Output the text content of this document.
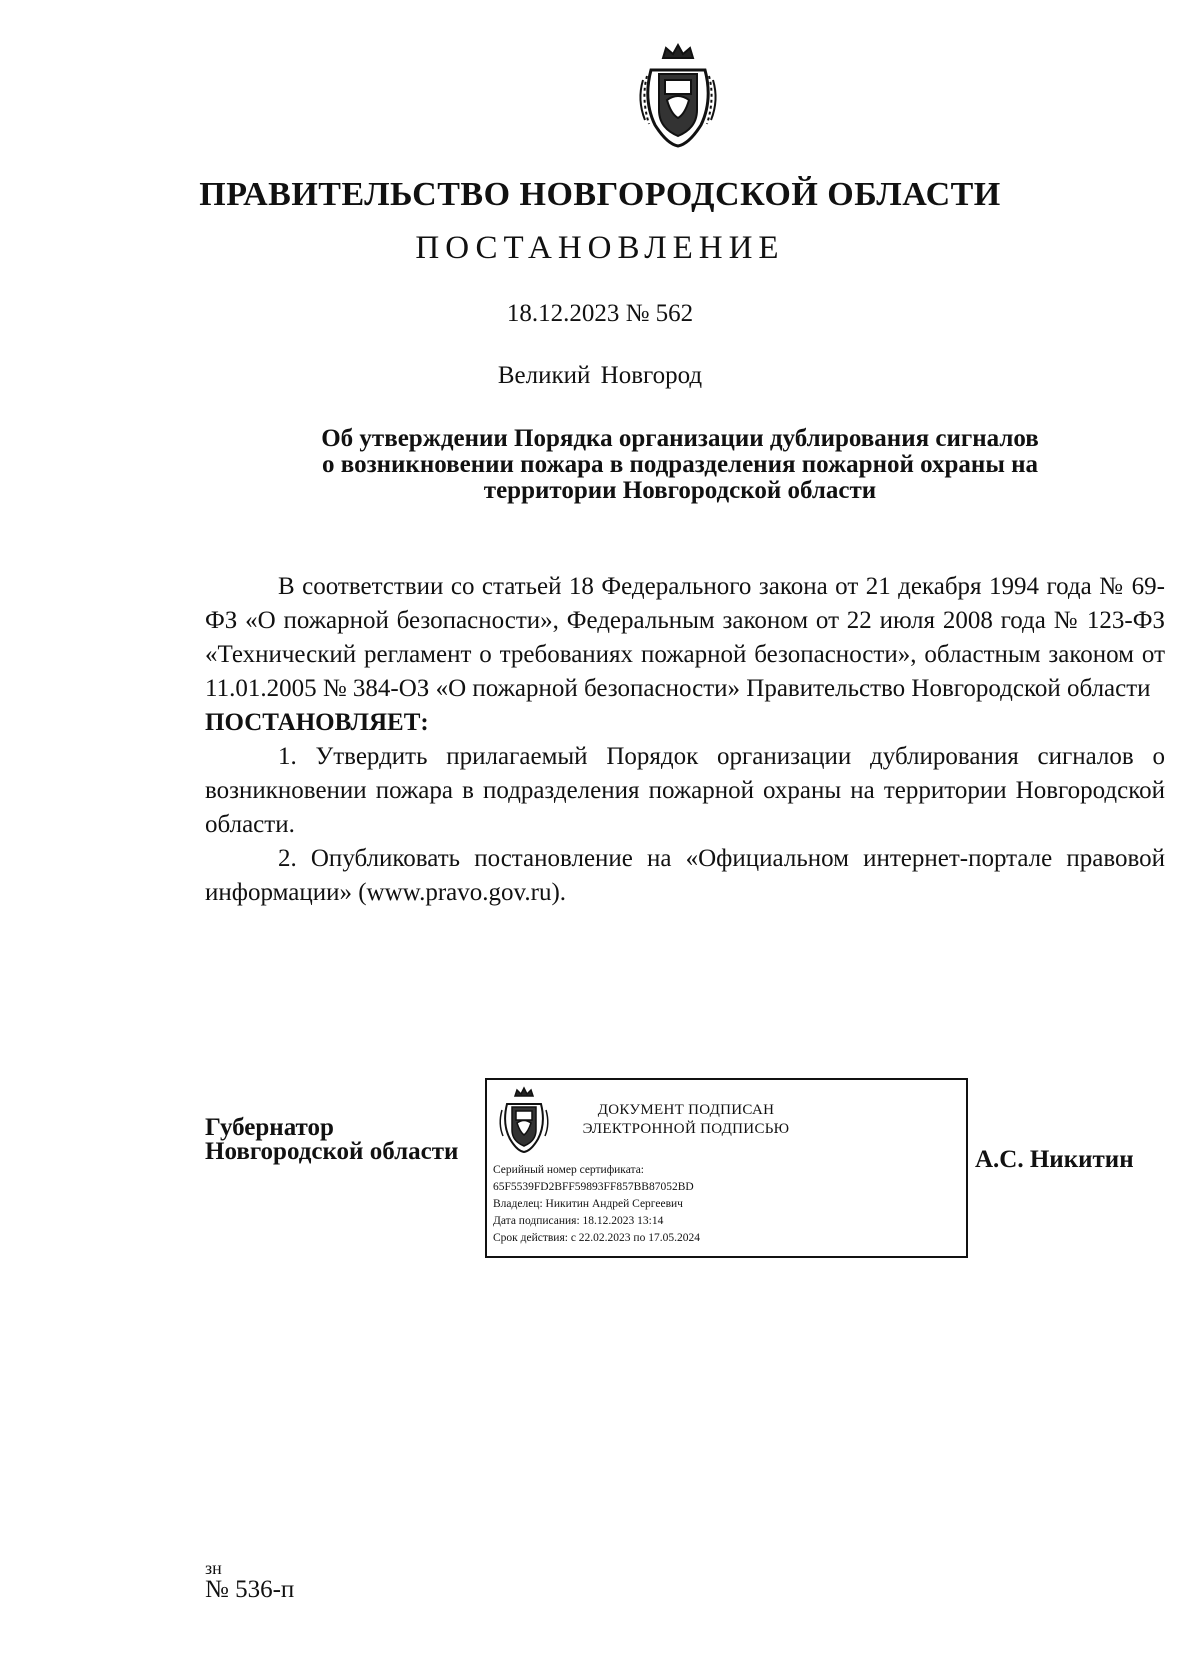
ПРАВИТЕЛЬСТВО НОВГОРОДСКОЙ ОБЛАСТИ
ПОСТАНОВЛЕНИЕ
18.12.2023 № 562
Великий Новгород
Об утверждении Порядка организации дублирования сигналов
о возникновении пожара в подразделения пожарной охраны на
территории Новгородской области

В соответствии со статьей 18 Федерального закона от 21 декабря 1994 года № 69-ФЗ «О пожарной безопасности», Федеральным законом от 22 июля 2008 года № 123-ФЗ «Технический регламент о требованиях пожарной безопасности», областным законом от 11.01.2005 № 384-ОЗ «О пожарной безопасности» Правительство Новгородской области

ПОСТАНОВЛЯЕТ:

1. Утвердить прилагаемый Порядок организации дублирования сигналов о возникновении пожара в подразделения пожарной охраны на территории Новгородской области.

2. Опубликовать постановление на «Официальном интернет-портале правовой информации» (www.pravo.gov.ru).

Губернатор
Новгородской области
ДОКУМЕНТ ПОДПИСАН
ЭЛЕКТРОННОЙ ПОДПИСЬЮ
Серийный номер сертификата:
65F5539FD2BFF59893FF857BB87052BD
Владелец: Никитин Андрей Сергеевич
Дата подписания: 18.12.2023 13:14
Срок действия: с 22.02.2023 по 17.05.2024
А.С. Никитин
зн
№ 536-п
